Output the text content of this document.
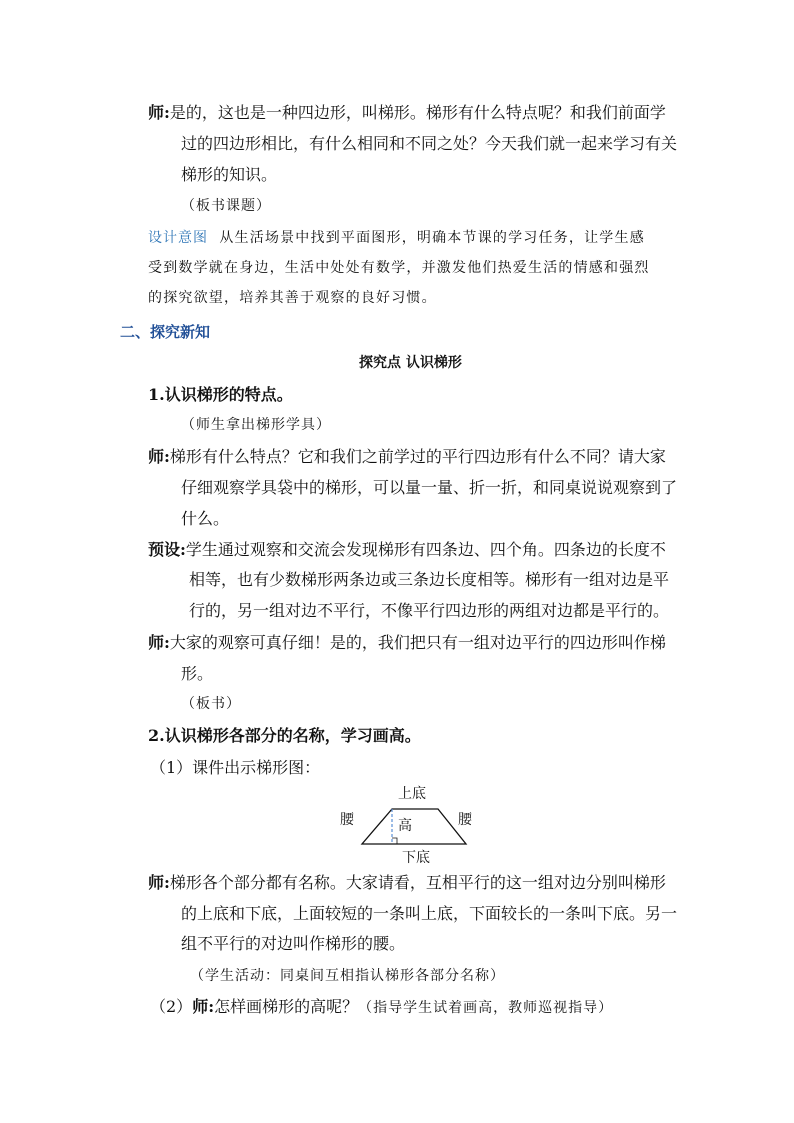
师:是的，这也是一种四边形，叫梯形。梯形有什么特点呢？和我们前面学
过的四边形相比，有什么相同和不同之处？今天我们就一起来学习有关
梯形的知识。
（板书课题）
设计意图 从生活场景中找到平面图形，明确本节课的学习任务，让学生感
受到数学就在身边，生活中处处有数学，并激发他们热爱生活的情感和强烈
的探究欲望，培养其善于观察的良好习惯。
二、探究新知
探究点 认识梯形
1.认识梯形的特点。
（师生拿出梯形学具）
师:梯形有什么特点？它和我们之前学过的平行四边形有什么不同？请大家
仔细观察学具袋中的梯形，可以量一量、折一折，和同桌说说观察到了
什么。
预设:学生通过观察和交流会发现梯形有四条边、四个角。四条边的长度不
相等，也有少数梯形两条边或三条边长度相等。梯形有一组对边是平
行的，另一组对边不平行，不像平行四边形的两组对边都是平行的。
师:大家的观察可真仔细！是的，我们把只有一组对边平行的四边形叫作梯
形。
（板书）
2.认识梯形各部分的名称，学习画高。
（1）课件出示梯形图：
上底
高
腰	腰
下底
师:梯形各个部分都有名称。大家请看，互相平行的这一组对边分别叫梯形
的上底和下底，上面较短的一条叫上底，下面较长的一条叫下底。另一
组不平行的对边叫作梯形的腰。
（学生活动：同桌间互相指认梯形各部分名称）
（2）师:怎样画梯形的高呢？（指导学生试着画高，教师巡视指导）
